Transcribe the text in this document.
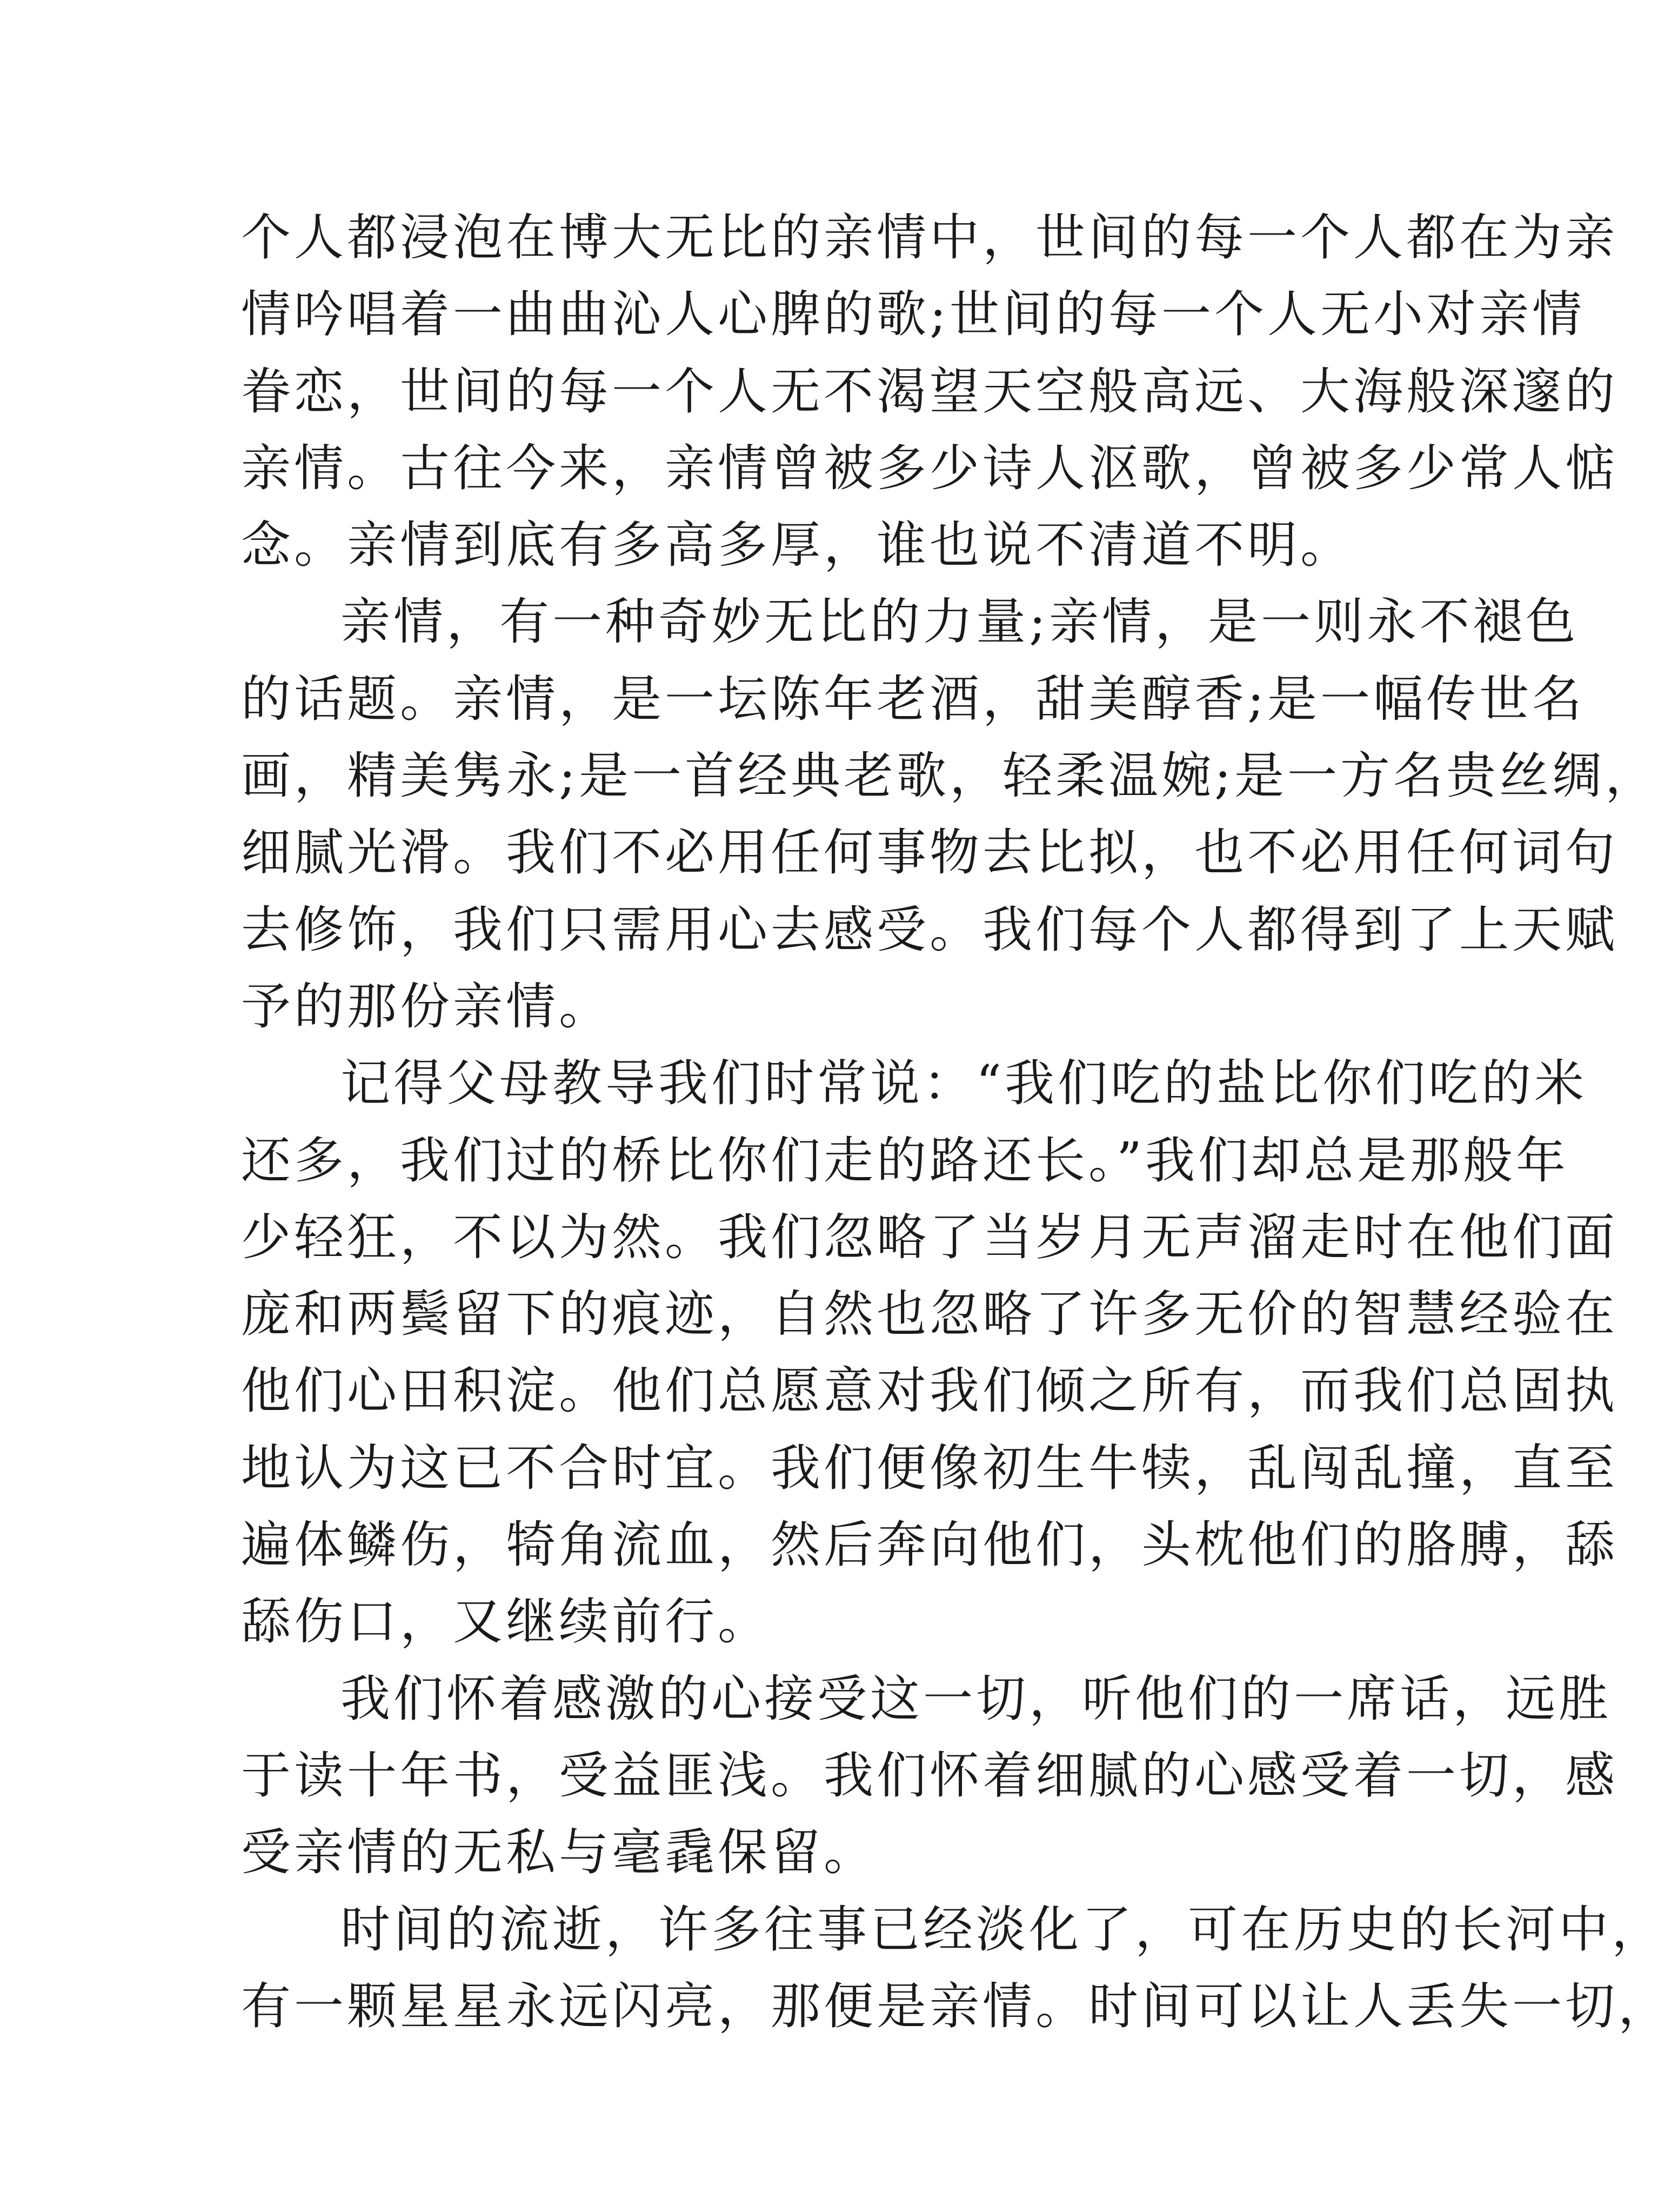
个人都浸泡在博大无比的亲情中，世间的每一个人都在为亲
情吟唱着一曲曲沁人心脾的歌;世间的每一个人无小对亲情
眷恋，世间的每一个人无不渴望天空般高远、大海般深邃的
亲情。古往今来，亲情曾被多少诗人沤歌，曾被多少常人惦
念。亲情到底有多高多厚，谁也说不清道不明。
亲情，有一种奇妙无比的力量;亲情，是一则永不褪色
的话题。亲情，是一坛陈年老酒，甜美醇香;是一幅传世名
画，精美隽永;是一首经典老歌，轻柔温婉;是一方名贵丝绸，
细腻光滑。我们不必用任何事物去比拟，也不必用任何词句
去修饰，我们只需用心去感受。我们每个人都得到了上天赋
予的那份亲情。
记得父母教导我们时常说：“我们吃的盐比你们吃的米
还多，我们过的桥比你们走的路还长。”我们却总是那般年
少轻狂，不以为然。我们忽略了当岁月无声溜走时在他们面
庞和两鬓留下的痕迹，自然也忽略了许多无价的智慧经验在
他们心田积淀。他们总愿意对我们倾之所有，而我们总固执
地认为这已不合时宜。我们便像初生牛犊，乱闯乱撞，直至
遍体鳞伤，犄角流血，然后奔向他们，头枕他们的胳膊，舔
舔伤口，又继续前行。
我们怀着感激的心接受这一切，听他们的一席话，远胜
于读十年书，受益匪浅。我们怀着细腻的心感受着一切，感
受亲情的无私与毫毳保留。
时间的流逝，许多往事已经淡化了，可在历史的长河中，
有一颗星星永远闪亮，那便是亲情。时间可以让人丢失一切，
